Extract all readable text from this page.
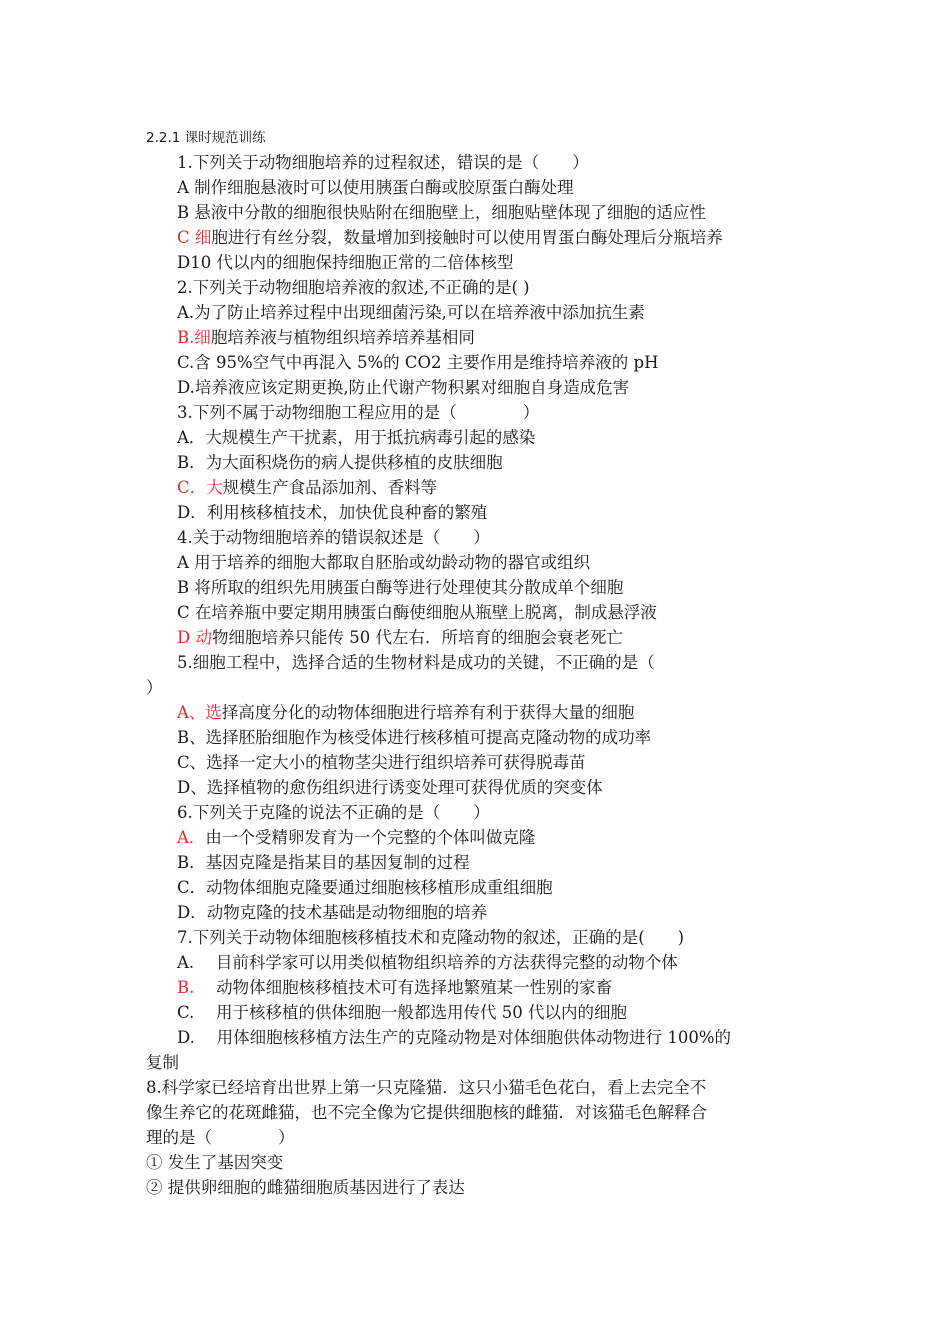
2.2.1 课时规范训练
1.下列关于动物细胞培养的过程叙述，错误的是（　　）
A 制作细胞悬液时可以使用胰蛋白酶或胶原蛋白酶处理
B 悬液中分散的细胞很快贴附在细胞壁上，细胞贴壁体现了细胞的适应性
C 细胞进行有丝分裂，数量增加到接触时可以使用胃蛋白酶处理后分瓶培养
D10 代以内的细胞保持细胞正常的二倍体核型
2.下列关于动物细胞培养液的叙述,不正确的是( )
A.为了防止培养过程中出现细菌污染,可以在培养液中添加抗生素
B.细胞培养液与植物组织培养培养基相同
C.含 95%空气中再混入 5%的 CO2 主要作用是维持培养液的 pH
D.培养液应该定期更换,防止代谢产物积累对细胞自身造成危害
3.下列不属于动物细胞工程应用的是（　　　　）
A．大规模生产干扰素，用于抵抗病毒引起的感染
B．为大面积烧伤的病人提供移植的皮肤细胞
C．大规模生产食品添加剂、香料等
D．利用核移植技术，加快优良种畜的繁殖
4.关于动物细胞培养的错误叙述是（　　）
A 用于培养的细胞大都取自胚胎或幼龄动物的器官或组织
B 将所取的组织先用胰蛋白酶等进行处理使其分散成单个细胞
C 在培养瓶中要定期用胰蛋白酶使细胞从瓶壁上脱离，制成悬浮液
D 动物细胞培养只能传 50 代左右．所培育的细胞会衰老死亡
5.细胞工程中，选择合适的生物材料是成功的关键，不正确的是（
）
A、选择高度分化的动物体细胞进行培养有利于获得大量的细胞
B、选择胚胎细胞作为核受体进行核移植可提高克隆动物的成功率
C、选择一定大小的植物茎尖进行组织培养可获得脱毒苗
D、选择植物的愈伤组织进行诱变处理可获得优质的突变体
6.下列关于克隆的说法不正确的是（　　）
A．由一个受精卵发育为一个完整的个体叫做克隆
B．基因克隆是指某目的基因复制的过程
C．动物体细胞克隆要通过细胞核移植形成重组细胞
D．动物克隆的技术基础是动物细胞的培养
7.下列关于动物体细胞核移植技术和克隆动物的叙述，正确的是(　　)
A.　 目前科学家可以用类似植物组织培养的方法获得完整的动物个体
B.　 动物体细胞核移植技术可有选择地繁殖某一性别的家畜
C.　 用于核移植的供体细胞一般都选用传代 50 代以内的细胞
D.　 用体细胞核移植方法生产的克隆动物是对体细胞供体动物进行 100%的
复制
8.科学家已经培育出世界上第一只克隆猫．这只小猫毛色花白，看上去完全不
像生养它的花斑雌猫，也不完全像为它提供细胞核的雌猫．对该猫毛色解释合
理的是（　　　　）
① 发生了基因突变
② 提供卵细胞的雌猫细胞质基因进行了表达
